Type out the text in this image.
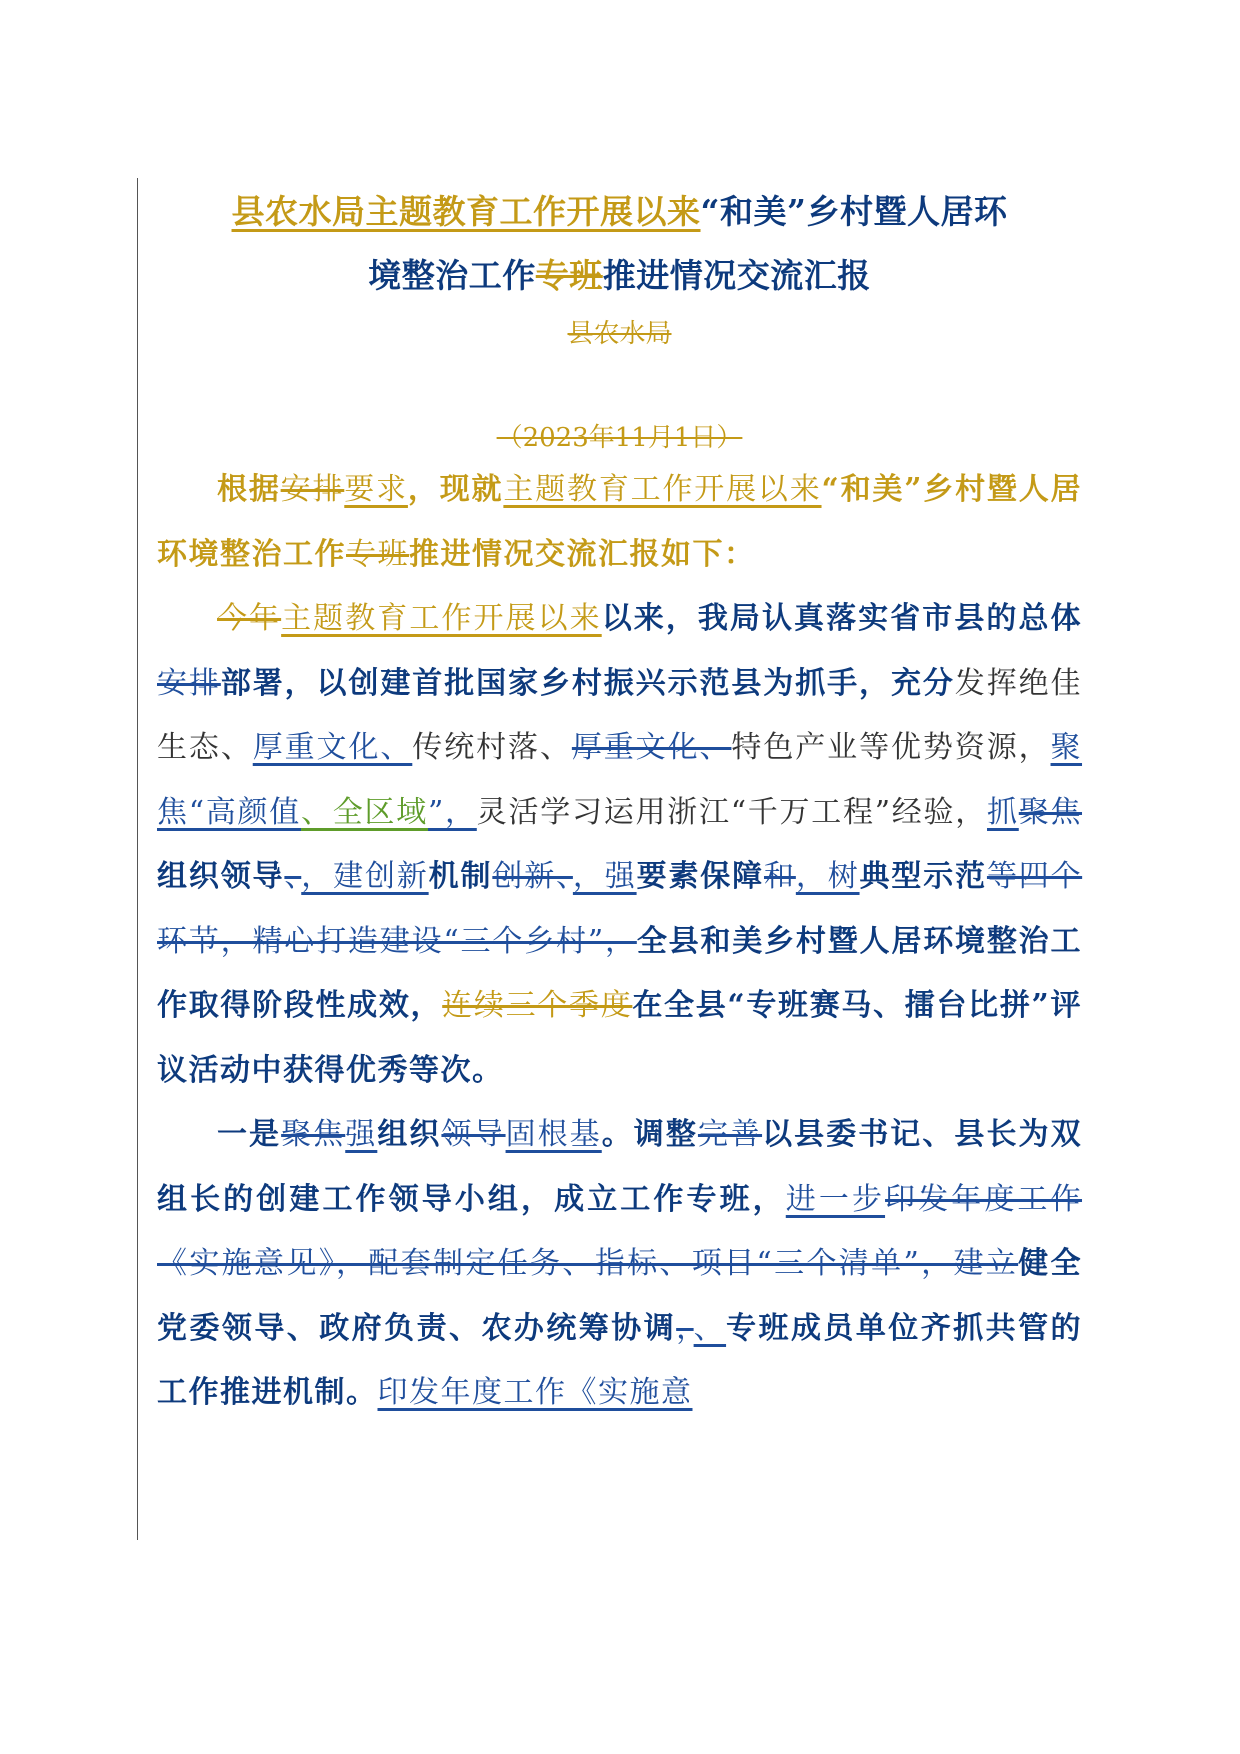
县农水局主题教育工作开展以来“和美”乡村暨人居环
境整治工作专班推进情况交流汇报
县农水局
（2023年11月1日）

根据安排要求，现就主题教育工作开展以来“和美”乡村暨人居环境整治工作专班推进情况交流汇报如下：

今年主题教育工作开展以来以来，我局认真落实省市县的总体安排部署，以创建首批国家乡村振兴示范县为抓手，充分发挥绝佳生态、厚重文化、传统村落、厚重文化、特色产业等优势资源，聚焦“高颜值、全区域”，灵活学习运用浙江“千万工程”经验，抓聚焦组织领导、，建创新机制创新、，强要素保障和，树典型示范等四个环节，精心打造建设“三个乡村”，全县和美乡村暨人居环境整治工作取得阶段性成效，连续三个季度在全县“专班赛马、擂台比拼”评议活动中获得优秀等次。

一是聚焦强组织领导固根基。调整完善以县委书记、县长为双组长的创建工作领导小组，成立工作专班，进一步印发年度工作《实施意见》，配套制定任务、指标、项目“三个清单”，建立健全党委领导、政府负责、农办统筹协调，、专班成员单位齐抓共管的工作推进机制。印发年度工作《实施意
